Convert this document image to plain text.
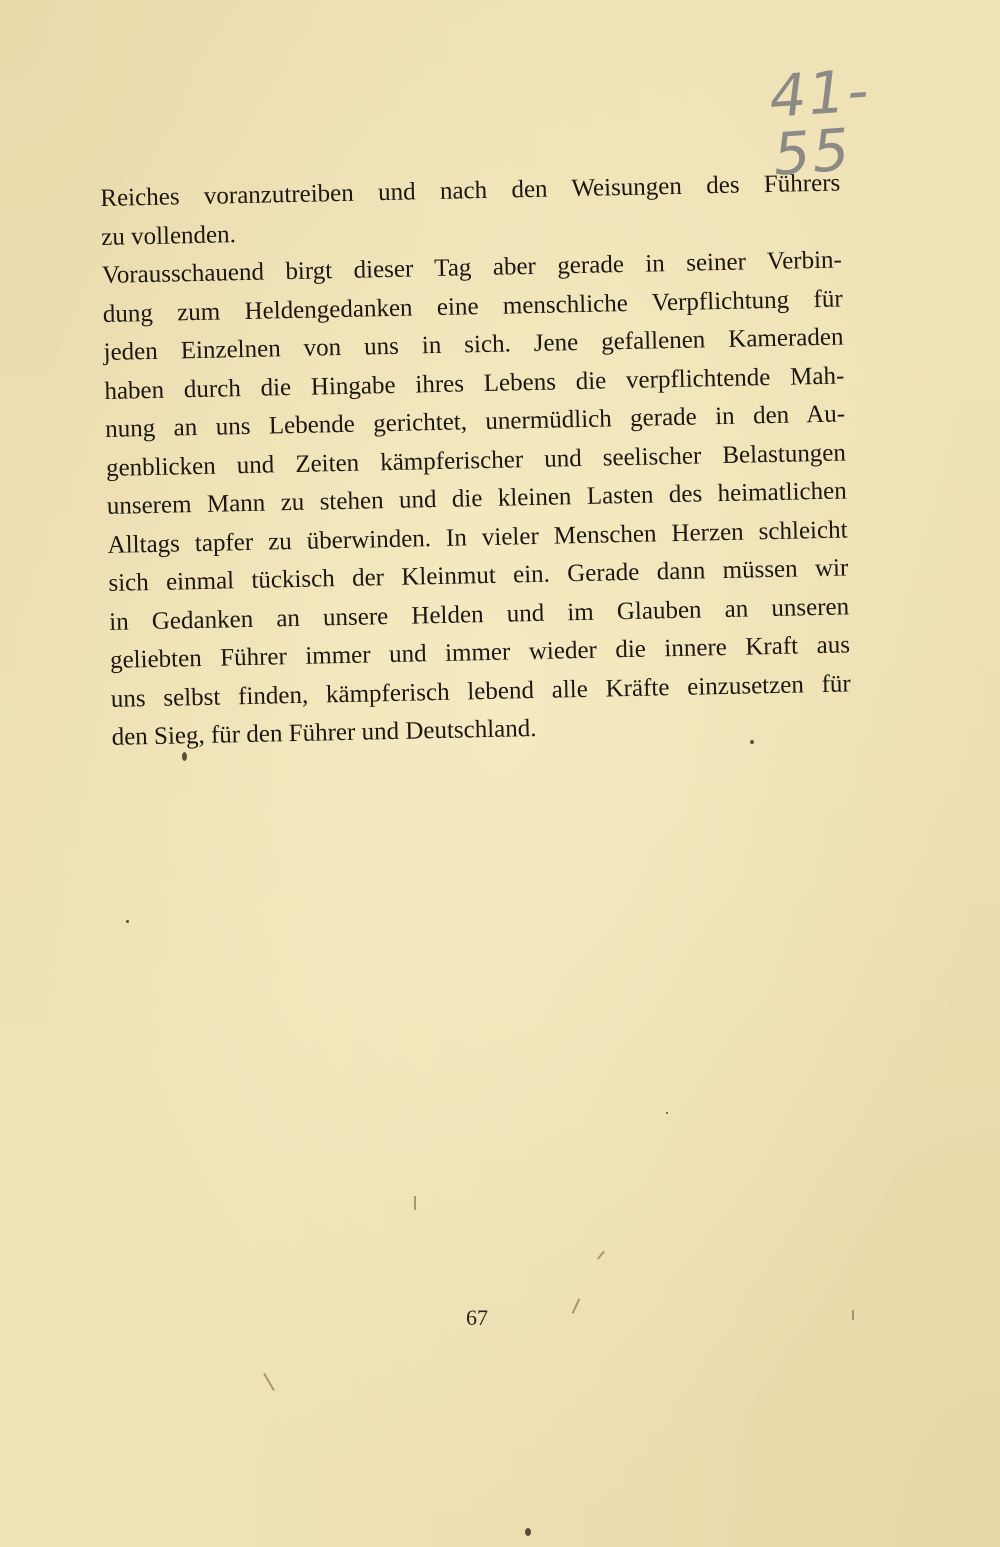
41-55
Reiches voranzutreiben und nach den Weisungen des Führers
zu vollenden.
Vorausschauend birgt dieser Tag aber gerade in seiner Verbin-
dung zum Heldengedanken eine menschliche Verpflichtung für
jeden Einzelnen von uns in sich. Jene gefallenen Kameraden
haben durch die Hingabe ihres Lebens die verpflichtende Mah-
nung an uns Lebende gerichtet, unermüdlich gerade in den Au-
genblicken und Zeiten kämpferischer und seelischer Belastungen
unserem Mann zu stehen und die kleinen Lasten des heimatlichen
Alltags tapfer zu überwinden. In vieler Menschen Herzen schleicht
sich einmal tückisch der Kleinmut ein. Gerade dann müssen wir
in Gedanken an unsere Helden und im Glauben an unseren
geliebten Führer immer und immer wieder die innere Kraft aus
uns selbst finden, kämpferisch lebend alle Kräfte einzusetzen für
den Sieg, für den Führer und Deutschland.
67
